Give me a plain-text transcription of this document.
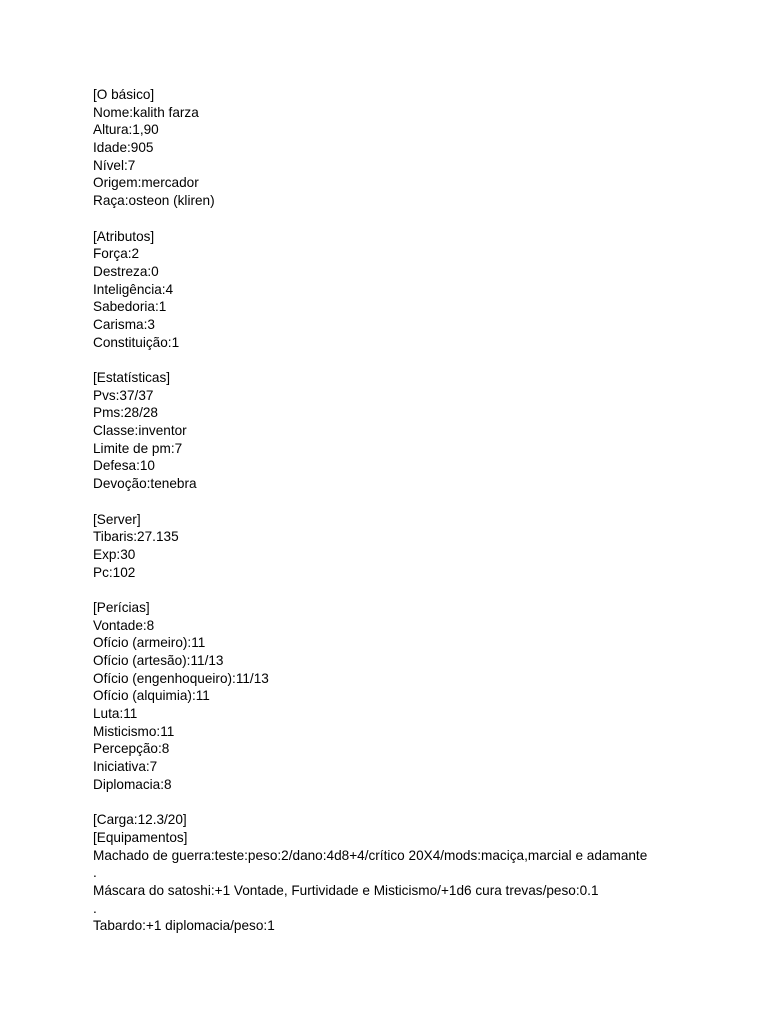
[O básico]
Nome:kalith farza
Altura:1,90
Idade:905
Nível:7
Origem:mercador
Raça:osteon (kliren)
[Atributos]
Força:2
Destreza:0
Inteligência:4
Sabedoria:1
Carisma:3
Constituição:1
[Estatísticas]
Pvs:37/37
Pms:28/28
Classe:inventor
Limite de pm:7
Defesa:10
Devoção:tenebra
[Server]
Tibaris:27.135
Exp:30
Pc:102
[Perícias]
Vontade:8
Ofício (armeiro):11
Ofício (artesão):11/13
Ofício (engenhoqueiro):11/13
Ofício (alquimia):11
Luta:11
Misticismo:11
Percepção:8
Iniciativa:7
Diplomacia:8
[Carga:12.3/20]
[Equipamentos]
Machado de guerra:teste:peso:2/dano:4d8+4/crítico 20X4/mods:maciça,marcial e adamante
.
Máscara do satoshi:+1 Vontade, Furtividade e Misticismo/+1d6 cura trevas/peso:0.1
.
Tabardo:+1 diplomacia/peso:1
